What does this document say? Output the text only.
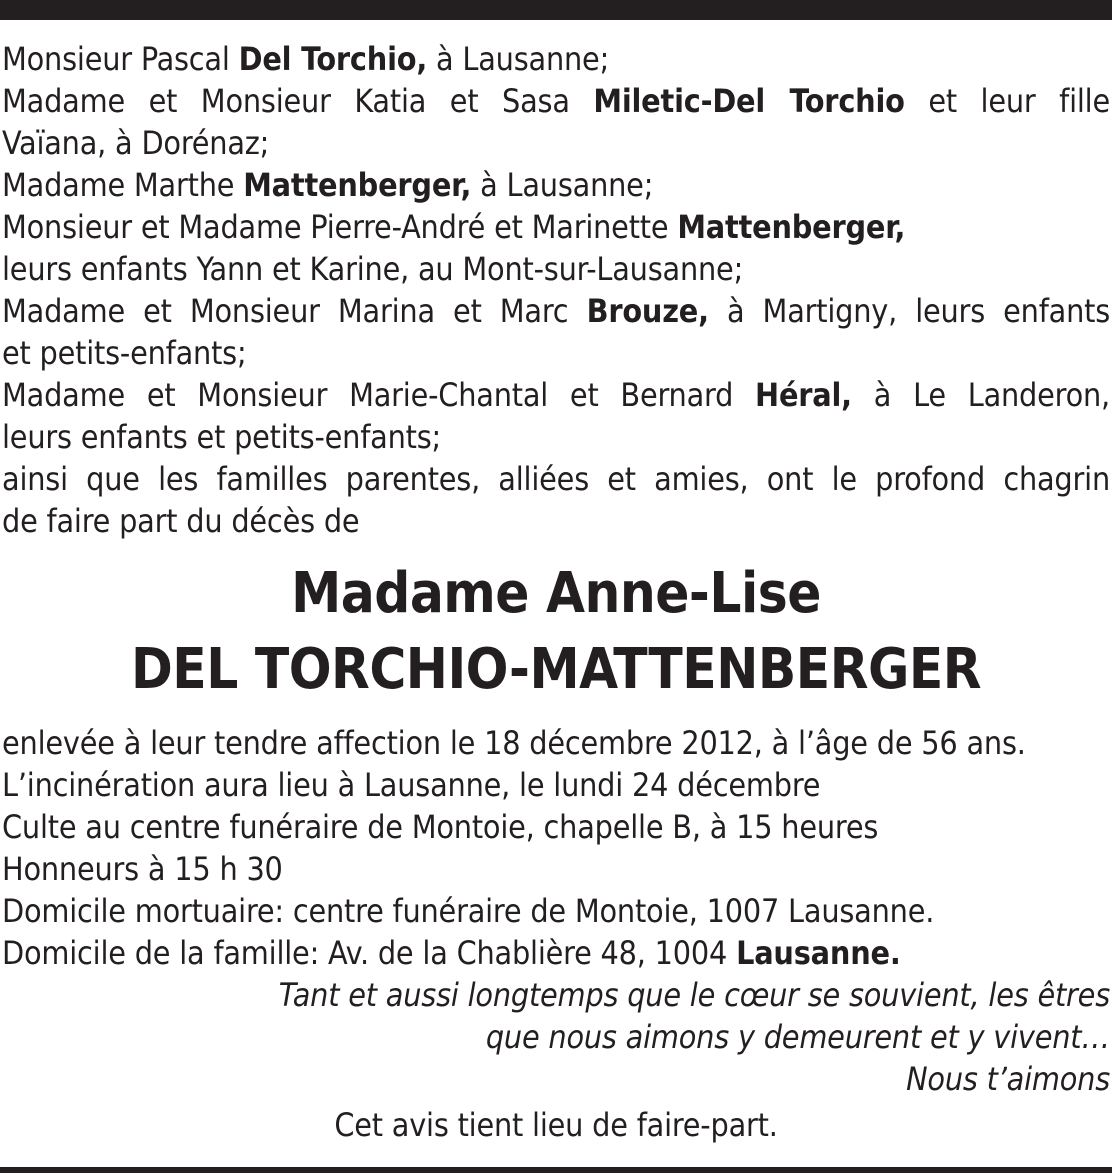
Monsieur Pascal Del Torchio, à Lausanne;
Madame et Monsieur Katia et Sasa Miletic-Del Torchio et leur fille
Vaïana, à Dorénaz;
Madame Marthe Mattenberger, à Lausanne;
Monsieur et Madame Pierre-André et Marinette Mattenberger,
leurs enfants Yann et Karine, au Mont-sur-Lausanne;
Madame et Monsieur Marina et Marc Brouze, à Martigny, leurs enfants
et petits-enfants;
Madame et Monsieur Marie-Chantal et Bernard Héral, à Le Landeron,
leurs enfants et petits-enfants;
ainsi que les familles parentes, alliées et amies, ont le profond chagrin
de faire part du décès de
Madame Anne-Lise
DEL TORCHIO-MATTENBERGER
enlevée à leur tendre affection le 18 décembre 2012, à l’âge de 56 ans.
L’incinération aura lieu à Lausanne, le lundi 24 décembre
Culte au centre funéraire de Montoie, chapelle B, à 15 heures
Honneurs à 15 h 30
Domicile mortuaire: centre funéraire de Montoie, 1007 Lausanne.
Domicile de la famille: Av. de la Chablière 48, 1004 Lausanne.
Tant et aussi longtemps que le cœur se souvient, les êtres
que nous aimons y demeurent et y vivent…
Nous t’aimons
Cet avis tient lieu de faire-part.
